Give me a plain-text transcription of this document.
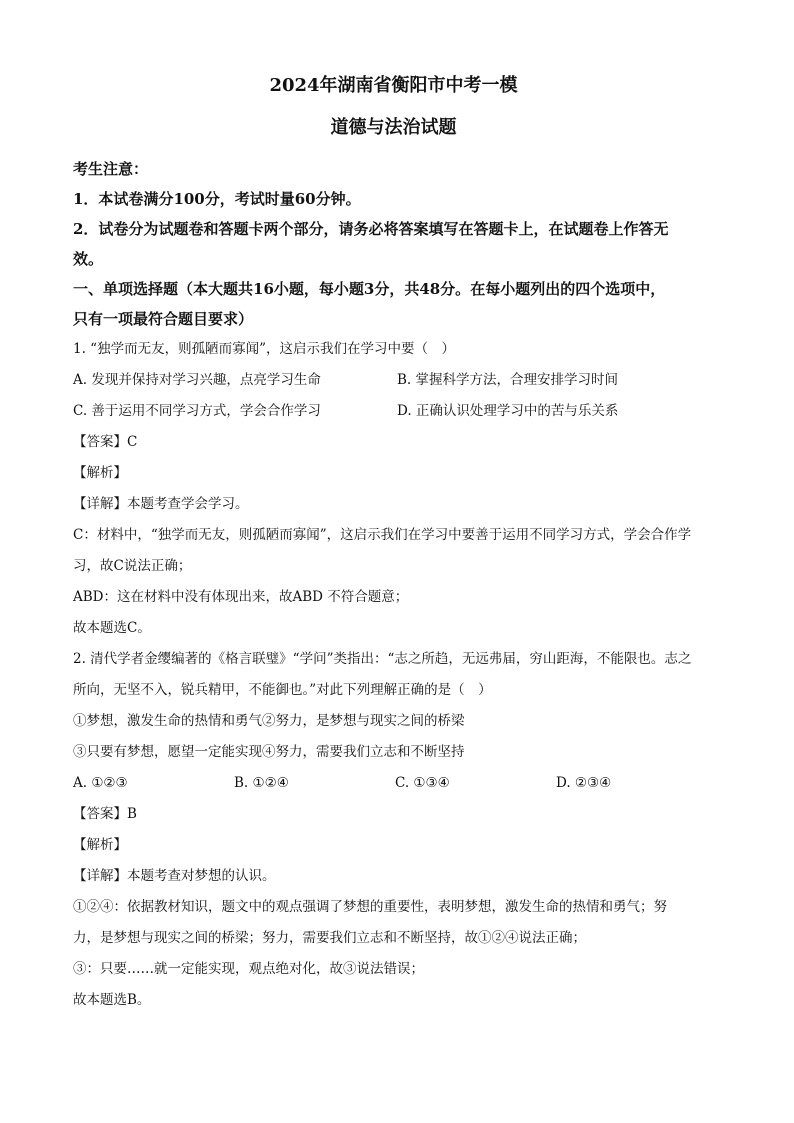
2024年湖南省衡阳市中考一模

道德与法治试题

考生注意：

1．本试卷满分100分，考试时量60分钟。

2．试卷分为试题卷和答题卡两个部分，请务必将答案填写在答题卡上，在试题卷上作答无

效。

一、单项选择题（本大题共16小题，每小题3分，共48分。在每小题列出的四个选项中，

只有一项最符合题目要求）

1. “独学而无友，则孤陋而寡闻”，这启示我们在学习中要（　）

A. 发现并保持对学习兴趣，点亮学习生命	B. 掌握科学方法，合理安排学习时间
C. 善于运用不同学习方式，学会合作学习	D. 正确认识处理学习中的苦与乐关系

【答案】C

【解析】

【详解】本题考查学会学习。

C：材料中，“独学而无友，则孤陋而寡闻”，这启示我们在学习中要善于运用不同学习方式，学会合作学

习，故C说法正确；

ABD：这在材料中没有体现出来，故ABD 不符合题意；

故本题选C。

2. 清代学者金缨编著的《格言联璧》“学问”类指出：“志之所趋，无远弗届，穷山距海，不能限也。志之

所向，无坚不入，锐兵精甲，不能御也。”对此下列理解正确的是（　）

①梦想，激发生命的热情和勇气②努力，是梦想与现实之间的桥梁

③只要有梦想，愿望一定能实现④努力，需要我们立志和不断坚持

A. ①②③	B. ①②④	C. ①③④	D. ②③④

【答案】B

【解析】

【详解】本题考查对梦想的认识。

①②④：依据教材知识，题文中的观点强调了梦想的重要性，表明梦想，激发生命的热情和勇气；努

力，是梦想与现实之间的桥梁；努力，需要我们立志和不断坚持，故①②④说法正确；

③：只要……就一定能实现，观点绝对化，故③说法错误；

故本题选B。
